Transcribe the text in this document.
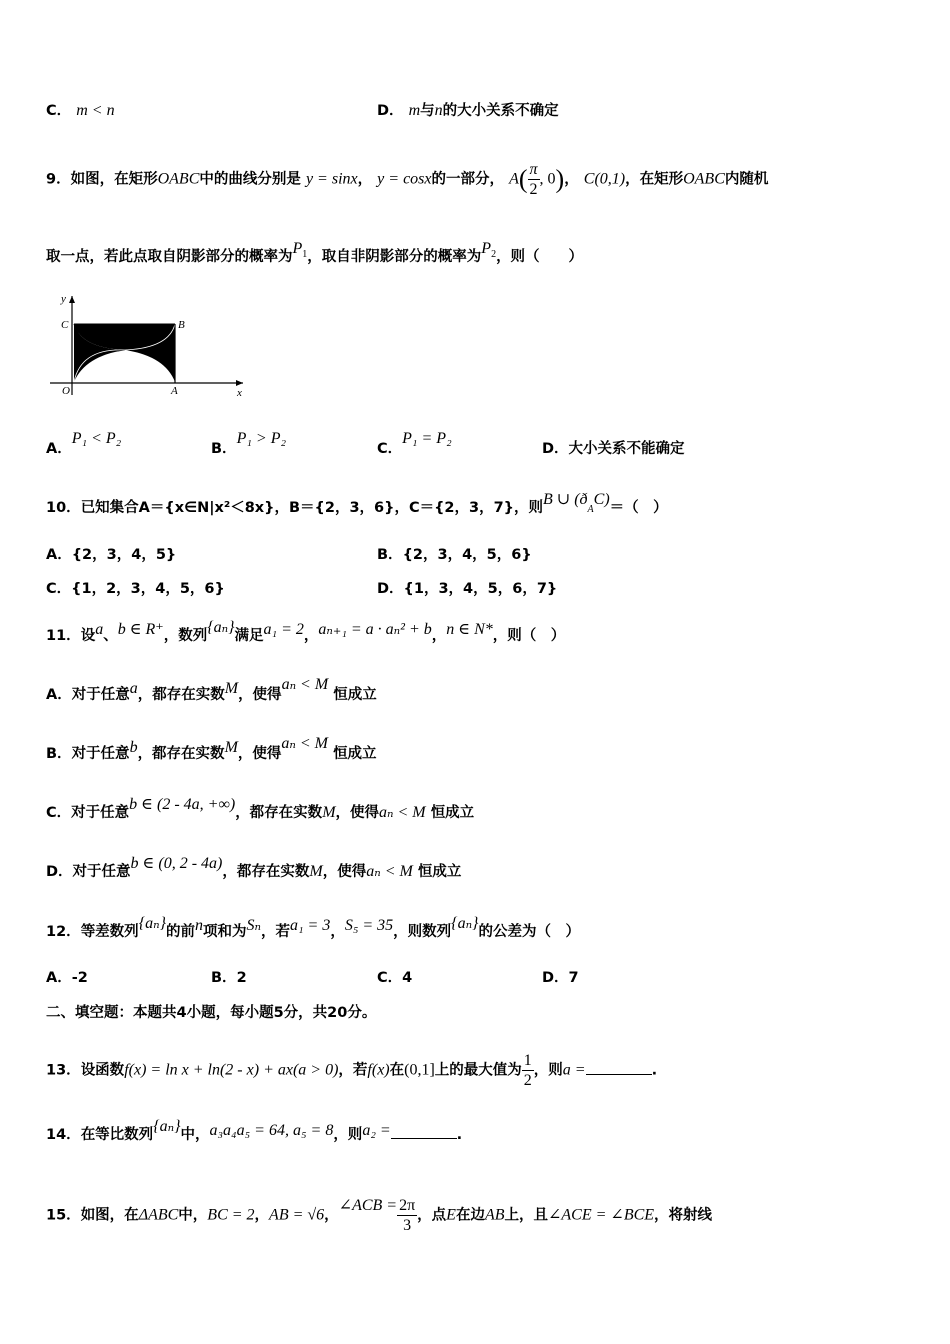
C． m < n	D． m与n的大小关系不确定
9．如图，在矩形OABC中的曲线分别是 y = sinx， y = cosx的一部分， $A( \frac{\pi}{2}$ , 0)， C(0,1)，在矩形OABC内随机
取一点，若此点取自阴影部分的概率为$P^1$，取自非阴影部分的概率为$P^2$，则（　　）
y
x
C	B
O	A
A．P₁ < P₂
B．P₁ > P₂
C．P₁ = P₂
D．大小关系不能确定
10．已知集合A＝{x∈N|x²＜8x}，B＝{2，3，6}，C＝{2，3，7}，则B ∪ (ðAC)＝（　）
A．{2，3，4，5}	B．{2，3，4，5，6}
C．{1，2，3，4，5，6}	D．{1，3，4，5，6，7}
11．设a、b ∈ R⁺，数列{aₙ}满足a₁ = 2，aₙ₊₁ = a · aₙ² + b，n ∈ N*，则（　）
A．对于任意a，都存在实数M，使得aₙ < M 恒成立
B．对于任意b，都存在实数M，使得aₙ < M 恒成立
C．对于任意b ∈ (2 - 4a, +∞)，都存在实数M，使得aₙ < M 恒成立
D．对于任意b ∈ (0, 2 - 4a)，都存在实数M，使得aₙ < M 恒成立
12．等差数列{aₙ}的前n项和为Sₙ，若a₁ = 3，S₅ = 35，则数列{aₙ}的公差为（　）
A．-2	B．2	C．4	D．7
二、填空题：本题共4小题，每小题5分，共20分。
13．设函数f(x) = ln x + ln(2 - x) + ax(a > 0)，若f(x)在(0,1]上的最大值为 $\frac{1}{2}$ ，则a =	.
14．在等比数列{aₙ}中，a₃a₄a₅ = 64, a₅ = 8，则a₂ =	.
15．如图，在ΔABC中，BC = 2，AB = √6，∠ACB = $\frac{2\pi}{3}$ ，点E在边AB上，且∠ACE = ∠BCE，将射线
